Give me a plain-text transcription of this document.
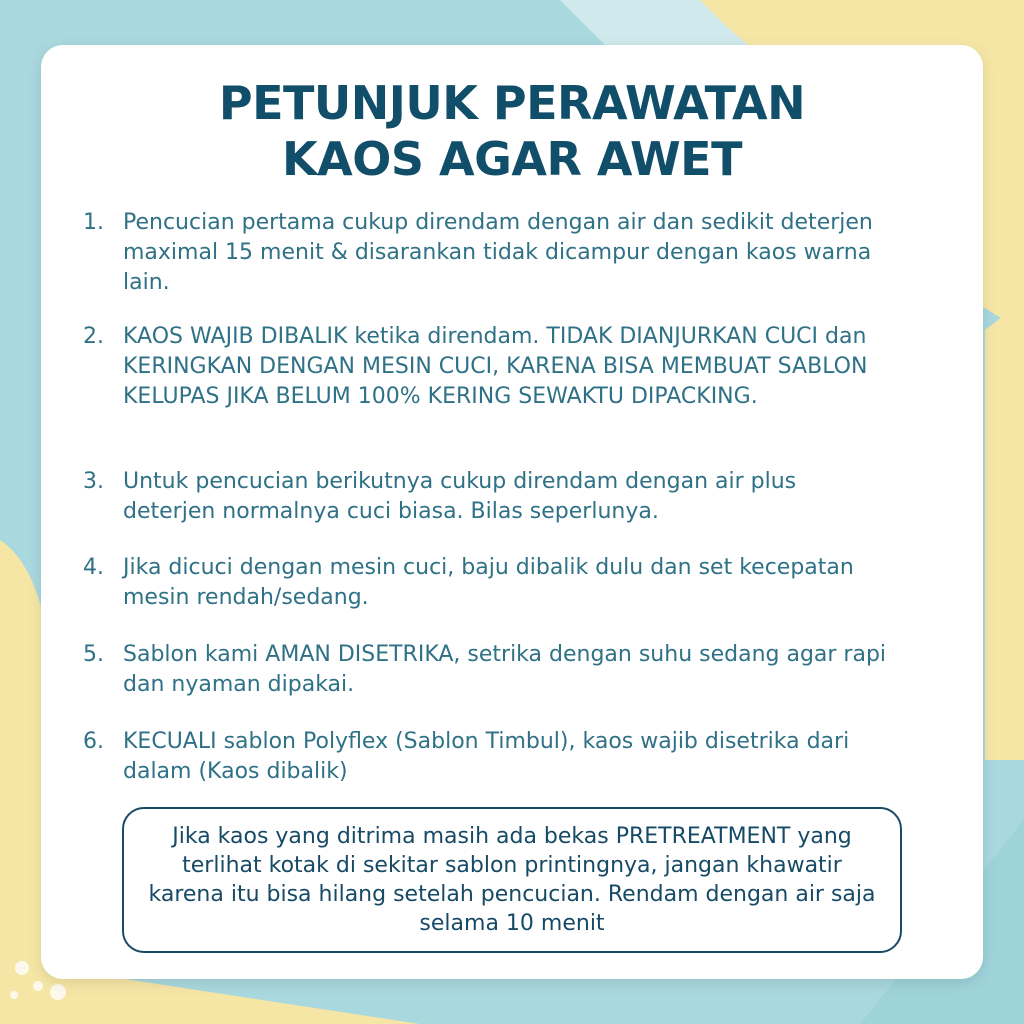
PETUNJUK PERAWATAN
KAOS AGAR AWET
1. Pencucian pertama cukup direndam dengan air dan sedikit deterjen maximal 15 menit & disarankan tidak dicampur dengan kaos warna lain.
2. KAOS WAJIB DIBALIK ketika direndam. TIDAK DIANJURKAN CUCI dan KERINGKAN DENGAN MESIN CUCI, KARENA BISA MEMBUAT SABLON KELUPAS JIKA BELUM 100% KERING SEWAKTU DIPACKING.
3. Untuk pencucian berikutnya cukup direndam dengan air plus deterjen normalnya cuci biasa. Bilas seperlunya.
4. Jika dicuci dengan mesin cuci, baju dibalik dulu dan set kecepatan mesin rendah/sedang.
5. Sablon kami AMAN DISETRIKA, setrika dengan suhu sedang agar rapi dan nyaman dipakai.
6. KECUALI sablon Polyflex (Sablon Timbul), kaos wajib disetrika dari dalam (Kaos dibalik)
Jika kaos yang ditrima masih ada bekas PRETREATMENT yang terlihat kotak di sekitar sablon printingnya, jangan khawatir karena itu bisa hilang setelah pencucian. Rendam dengan air saja selama 10 menit
